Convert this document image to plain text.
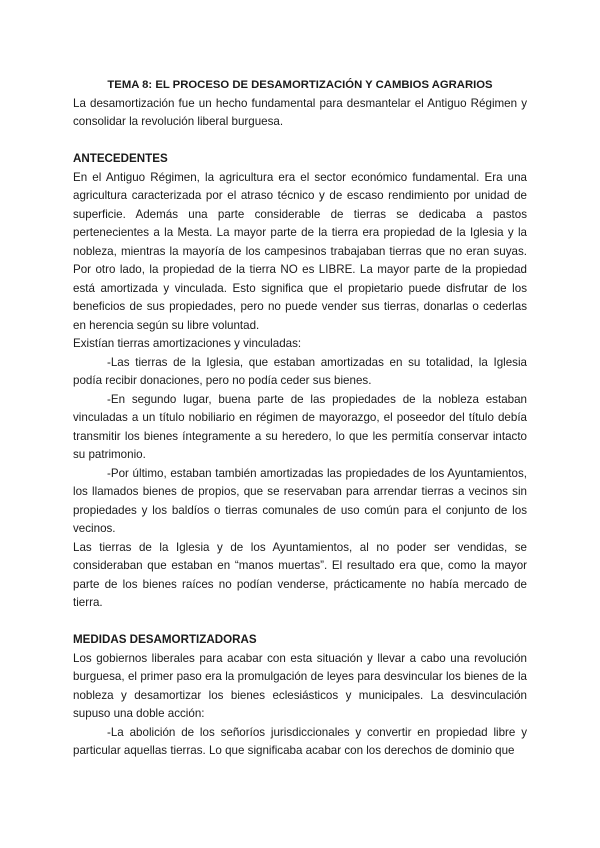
TEMA 8: EL PROCESO DE DESAMORTIZACIÓN Y CAMBIOS AGRARIOS
La desamortización fue un hecho fundamental para desmantelar el Antiguo Régimen y consolidar la revolución liberal burguesa.
ANTECEDENTES
En el Antiguo Régimen, la agricultura era el sector económico fundamental. Era una agricultura caracterizada por el atraso técnico y de escaso rendimiento por unidad de superficie. Además una parte considerable de tierras se dedicaba a pastos pertenecientes a la Mesta. La mayor parte de la tierra era propiedad de la Iglesia y la nobleza, mientras la mayoría de los campesinos trabajaban tierras que no eran suyas. Por otro lado, la propiedad de la tierra NO es LIBRE. La mayor parte de la propiedad está amortizada y vinculada. Esto significa que el propietario puede disfrutar de los beneficios de sus propiedades, pero no puede vender sus tierras, donarlas o cederlas en herencia según su libre voluntad.
Existían tierras amortizaciones y vinculadas:
-Las tierras de la Iglesia, que estaban amortizadas en su totalidad, la Iglesia podía recibir donaciones, pero no podía ceder sus bienes.
-En segundo lugar, buena parte de las propiedades de la nobleza estaban vinculadas a un título nobiliario en régimen de mayorazgo, el poseedor del título debía transmitir los bienes íntegramente a su heredero, lo que les permitía conservar intacto su patrimonio.
-Por último, estaban también amortizadas las propiedades de los Ayuntamientos, los llamados bienes de propios, que se reservaban para arrendar tierras a vecinos sin propiedades y los baldíos o tierras comunales de uso común para el conjunto de los vecinos.
Las tierras de la Iglesia y de los Ayuntamientos, al no poder ser vendidas, se consideraban que estaban en “manos muertas”. El resultado era que, como la mayor parte de los bienes raíces no podían venderse, prácticamente no había mercado de tierra.
MEDIDAS DESAMORTIZADORAS
Los gobiernos liberales para acabar con esta situación y llevar a cabo una revolución burguesa, el primer paso era la promulgación de leyes para desvincular los bienes de la nobleza y desamortizar los bienes eclesiásticos y municipales. La desvinculación supuso una doble acción:
-La abolición de los señoríos jurisdiccionales y convertir en propiedad libre y particular aquellas tierras. Lo que significaba acabar con los derechos de dominio que
